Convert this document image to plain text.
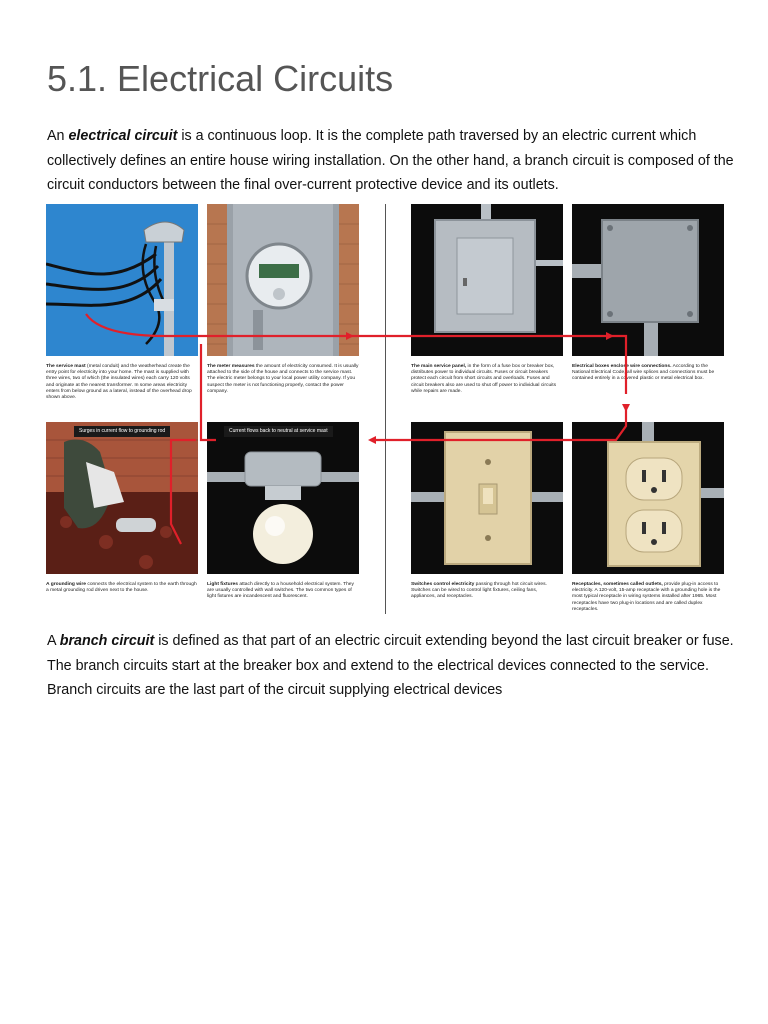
5.1. Electrical Circuits

An electrical circuit is a continuous loop. It is the complete path traversed by an electric current which collectively defines an entire house wiring installation. On the other hand, a branch circuit is composed of the circuit conductors between the final over-current protective device and its outlets.

The service mast (metal conduit) and the weatherhead create the entry point for electricity into your home. The mast is supplied with three wires, two of which (the insulated wires) each carry 120 volts and originate at the nearest transformer. In some areas electricity enters from below ground as a lateral, instead of the overhead drop shown above.
The meter measures the amount of electricity consumed. It is usually attached to the side of the house and connects to the service mast. The electric meter belongs to your local power utility company. If you suspect the meter is not functioning properly, contact the power company.
The main service panel, in the form of a fuse box or breaker box, distributes power to individual circuits. Fuses or circuit breakers protect each circuit from short circuits and overloads. Fuses and circuit breakers also are used to shut off power to individual circuits while repairs are made.
Electrical boxes enclose wire connections. According to the National Electrical Code, all wire splices and connections must be contained entirely in a covered plastic or metal electrical box.
A grounding wire connects the electrical system to the earth through a metal grounding rod driven next to the house.
Light fixtures attach directly to a household electrical system. They are usually controlled with wall switches. The two common types of light fixtures are incandescent and fluorescent.
Switches control electricity passing through hot circuit wires. Switches can be wired to control light fixtures, ceiling fans, appliances, and receptacles.
Receptacles, sometimes called outlets, provide plug-in access to electricity. A 120-volt, 15-amp receptacle with a grounding hole is the most typical receptacle in wiring systems installed after 1965. Most receptacles have two plug-in locations and are called duplex receptacles.
Surges in current flow to grounding rod	Current flows back to neutral at service mast

A branch circuit is defined as that part of an electric circuit extending beyond the last circuit breaker or fuse. The branch circuits start at the breaker box and extend to the electrical devices connected to the service. Branch circuits are the last part of the circuit supplying electrical devices
